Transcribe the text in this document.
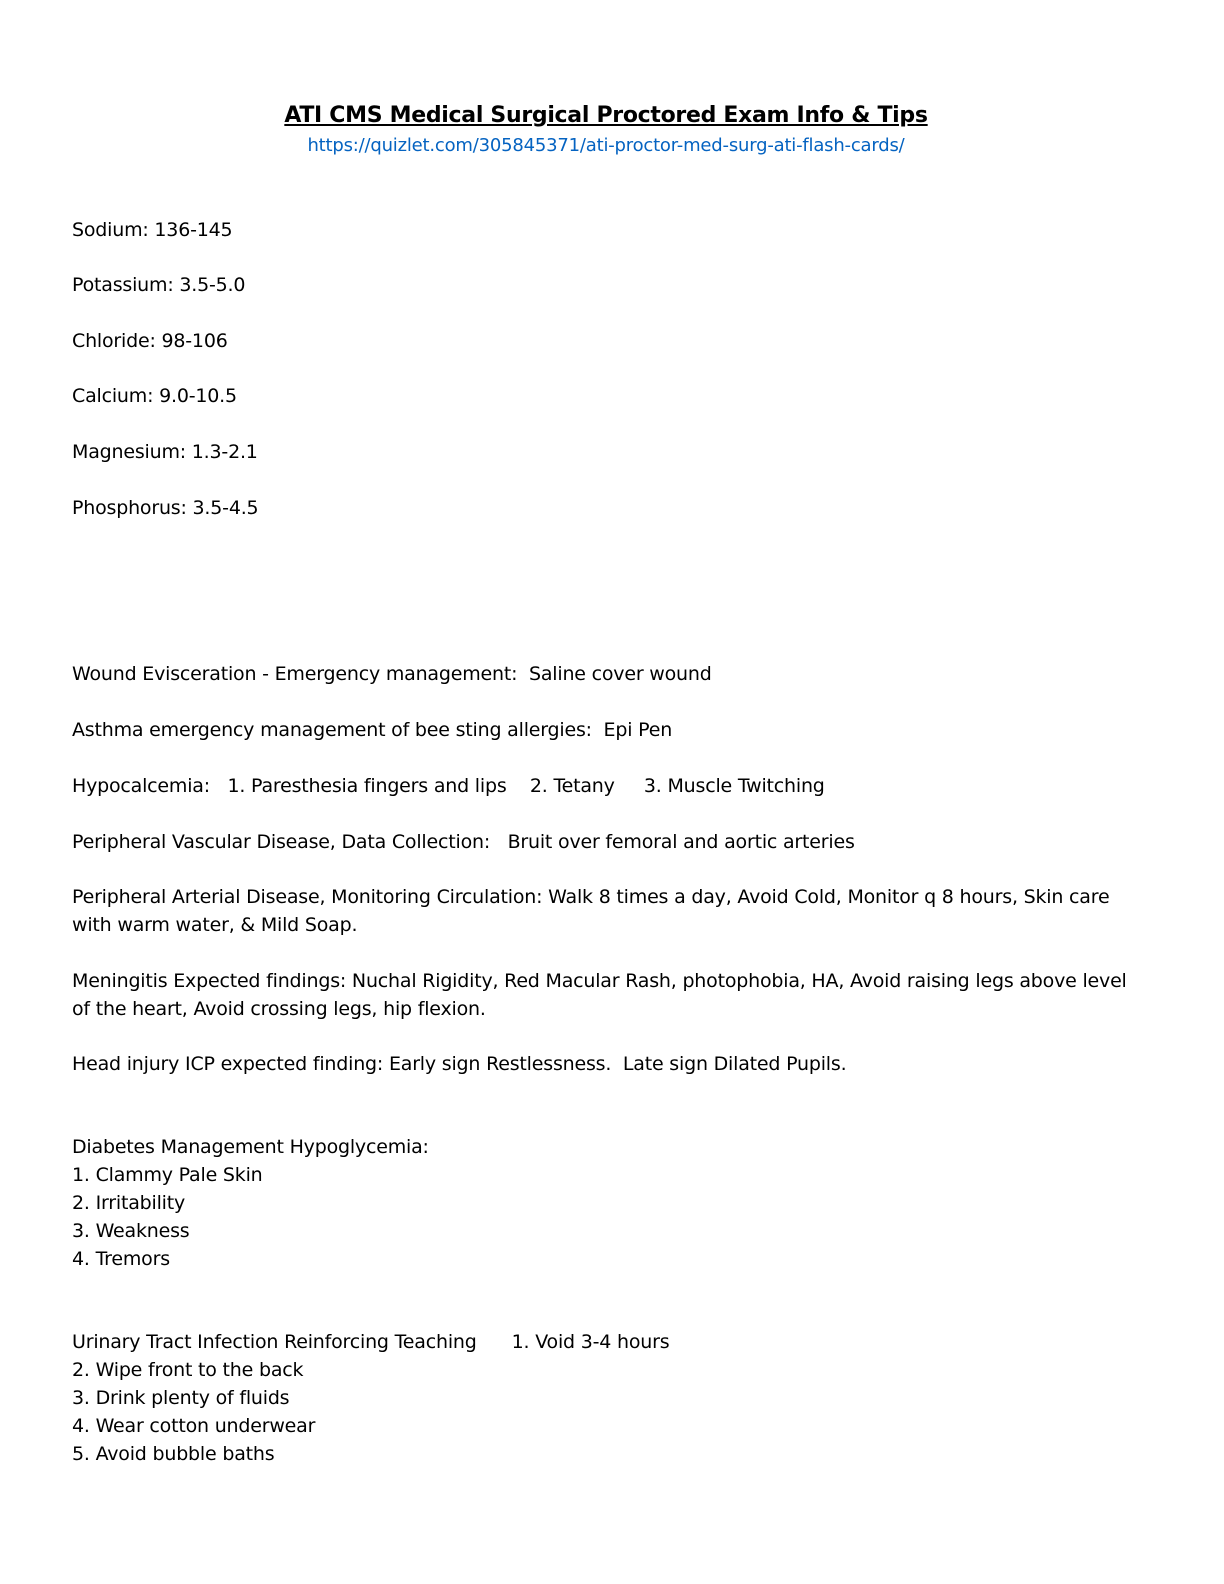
ATI CMS Medical Surgical Proctored Exam Info & Tips
https://quizlet.com/305845371/ati-proctor-med-surg-ati-flash-cards/
Sodium: 136-145
Potassium: 3.5-5.0
Chloride: 98-106
Calcium: 9.0-10.5
Magnesium: 1.3-2.1
Phosphorus: 3.5-4.5
Wound Evisceration - Emergency management:  Saline cover wound
Asthma emergency management of bee sting allergies:  Epi Pen
Hypocalcemia:   1. Paresthesia fingers and lips    2. Tetany     3. Muscle Twitching
Peripheral Vascular Disease, Data Collection:   Bruit over femoral and aortic arteries
Peripheral Arterial Disease, Monitoring Circulation: Walk 8 times a day, Avoid Cold, Monitor q 8 hours, Skin care with warm water, & Mild Soap.
Meningitis Expected findings: Nuchal Rigidity, Red Macular Rash, photophobia, HA, Avoid raising legs above level of the heart, Avoid crossing legs, hip flexion.
Head injury ICP expected finding: Early sign Restlessness.  Late sign Dilated Pupils.
Diabetes Management Hypoglycemia:
1. Clammy Pale Skin
2. Irritability
3. Weakness
4. Tremors
Urinary Tract Infection Reinforcing Teaching      1. Void 3-4 hours
2. Wipe front to the back
3. Drink plenty of fluids
4. Wear cotton underwear
5. Avoid bubble baths
